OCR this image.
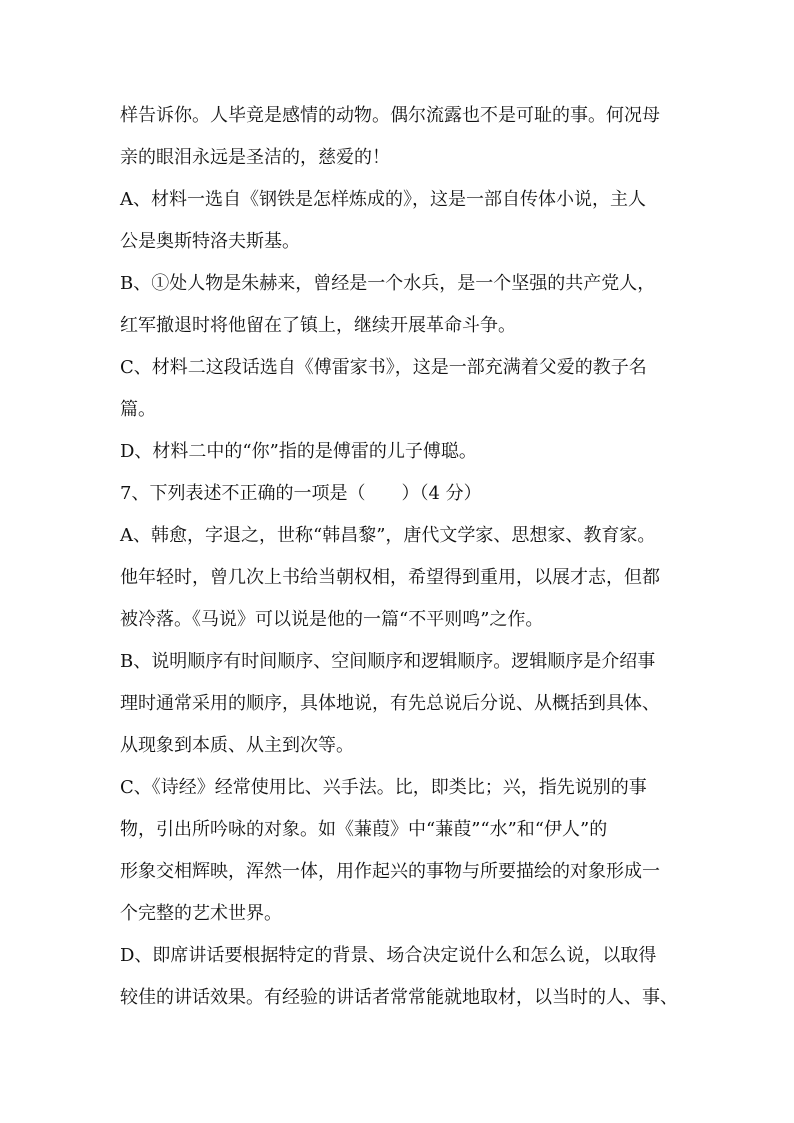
样告诉你。人毕竟是感情的动物。偶尔流露也不是可耻的事。何况母
亲的眼泪永远是圣洁的，慈爱的！
A、材料一选自《钢铁是怎样炼成的》，这是一部自传体小说，主人
公是奥斯特洛夫斯基。
B、①处人物是朱赫来，曾经是一个水兵，是一个坚强的共产党人，
红军撤退时将他留在了镇上，继续开展革命斗争。
C、材料二这段话选自《傅雷家书》，这是一部充满着父爱的教子名
篇。
D、材料二中的“你”指的是傅雷的儿子傅聪。
7、下列表述不正确的一项是（　　）（4 分）
A、韩愈，字退之，世称“韩昌黎”，唐代文学家、思想家、教育家。
他年轻时，曾几次上书给当朝权相，希望得到重用，以展才志，但都
被冷落。《马说》可以说是他的一篇“不平则鸣”之作。
B、说明顺序有时间顺序、空间顺序和逻辑顺序。逻辑顺序是介绍事
理时通常采用的顺序，具体地说，有先总说后分说、从概括到具体、
从现象到本质、从主到次等。
C、《诗经》经常使用比、兴手法。比，即类比；兴，指先说别的事
物，引出所吟咏的对象。如《蒹葭》中“蒹葭”“水”和“伊人”的
形象交相辉映，浑然一体，用作起兴的事物与所要描绘的对象形成一
个完整的艺术世界。
D、即席讲话要根据特定的背景、场合决定说什么和怎么说，以取得
较佳的讲话效果。有经验的讲话者常常能就地取材，以当时的人、事、
